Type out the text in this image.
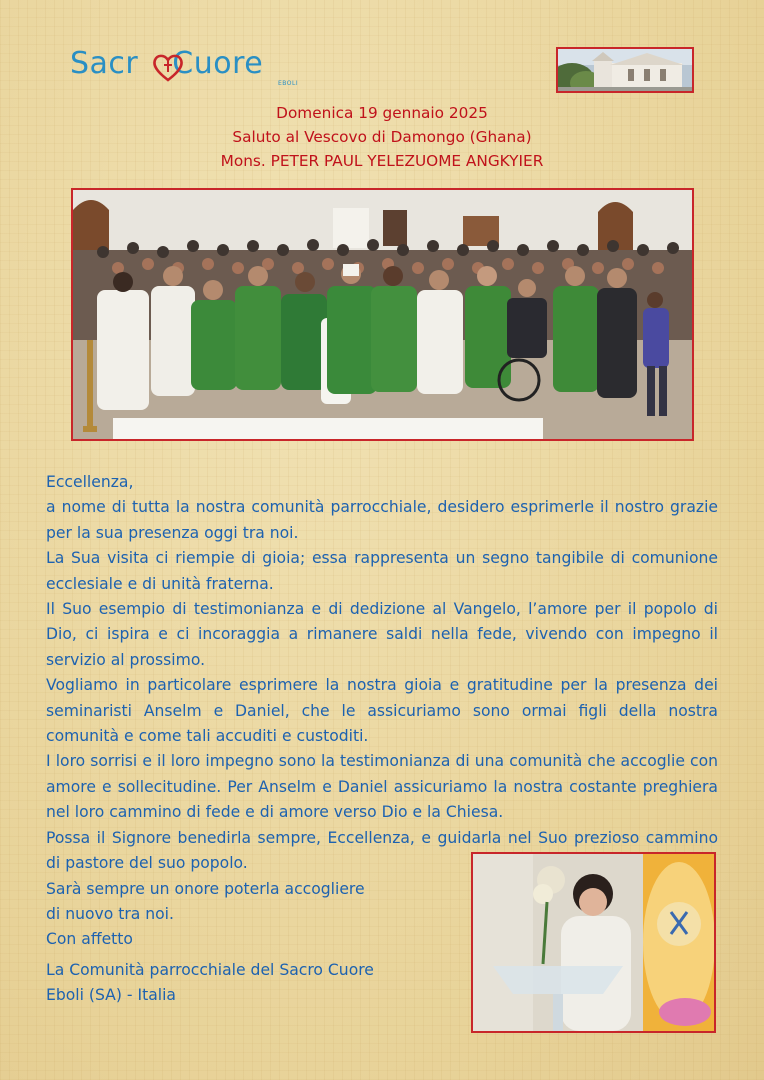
Sacr Cuore
EBOLI
Domenica 19 gennaio 2025
Saluto al Vescovo di Damongo (Ghana)
Mons. PETER PAUL YELEZUOME ANGKYIER

Eccellenza,

a nome di tutta la nostra comunità parrocchiale, desidero esprimerle il nostro grazie per la sua presenza oggi tra noi.

La Sua visita ci riempie di gioia; essa rappresenta un segno tangibile di comunione ecclesiale e di unità fraterna.

Il Suo esempio di testimonianza e di dedizione al Vangelo, l’amore per il popolo di Dio, ci ispira e ci incoraggia a rimanere saldi nella fede, vivendo con impegno il servizio al prossimo.

Vogliamo in particolare esprimere la nostra gioia e gratitudine per la presenza dei seminaristi Anselm e Daniel, che le assicuriamo sono ormai figli della nostra comunità e come tali accuditi e custoditi.

I loro sorrisi e il loro impegno sono la testimonianza di una comunità che accoglie con amore e sollecitudine. Per Anselm e Daniel assicuriamo la nostra costante preghiera nel loro cammino di fede e di amore verso Dio e la Chiesa.

Possa il Signore benedirla sempre, Eccellenza, e guidarla nel Suo prezioso cammino di pastore del suo popolo.

Sarà sempre un onore poterla accogliere

di nuovo tra noi.

Con affetto

La Comunità parrocchiale del Sacro Cuore
Eboli (SA) - Italia
